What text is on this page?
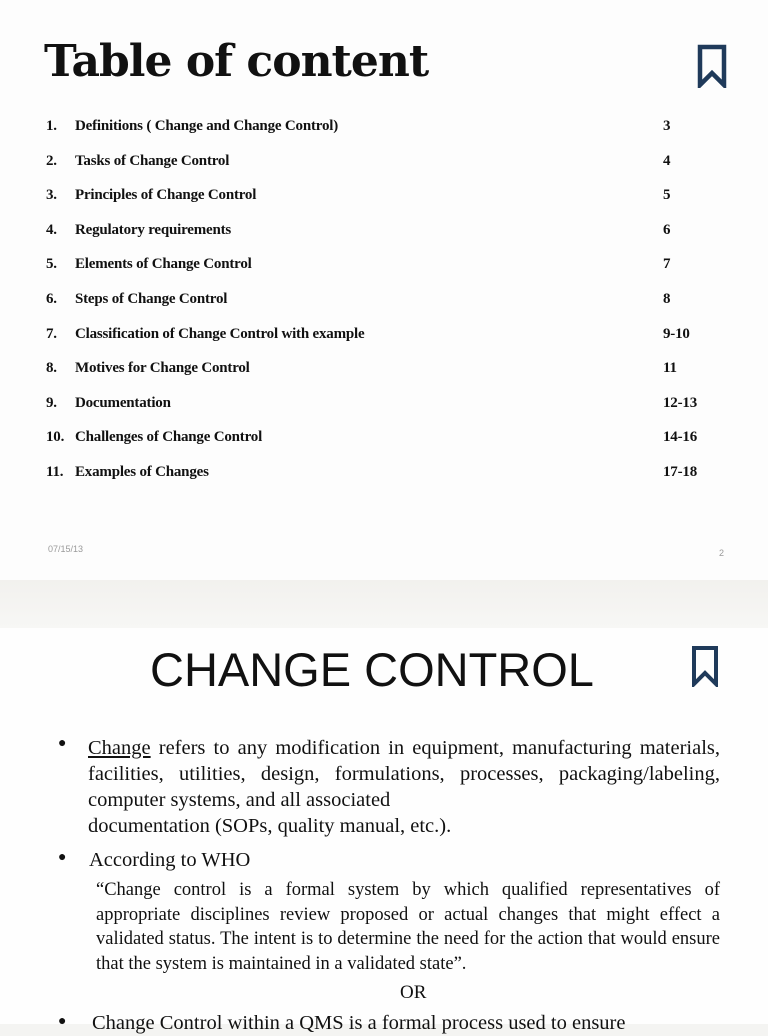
Table of content
1. Definitions ( Change and Change Control)	3
2. Tasks of Change Control	4
3. Principles of Change Control	5
4. Regulatory requirements	6
5. Elements of Change Control	7
6. Steps of Change Control	8
7. Classification of Change Control with example	9-10
8. Motives for Change Control	11
9. Documentation	12-13
10. Challenges of Change Control	14-16
11. Examples of Changes	17-18
07/15/13	2
CHANGE CONTROL
● Change refers to any modification in equipment, manufacturing materials, facilities, utilities, design, formulations, processes, packaging/labeling, computer systems, and all associated
documentation (SOPs, quality manual, etc.).
● According to WHO
“Change control is a formal system by which qualified representatives of appropriate disciplines review proposed or actual changes that might effect a validated status. The intent is to determine the need for the action that would ensure that the system is maintained in a validated state”.
OR
● Change Control within a QMS is a formal process used to ensure
